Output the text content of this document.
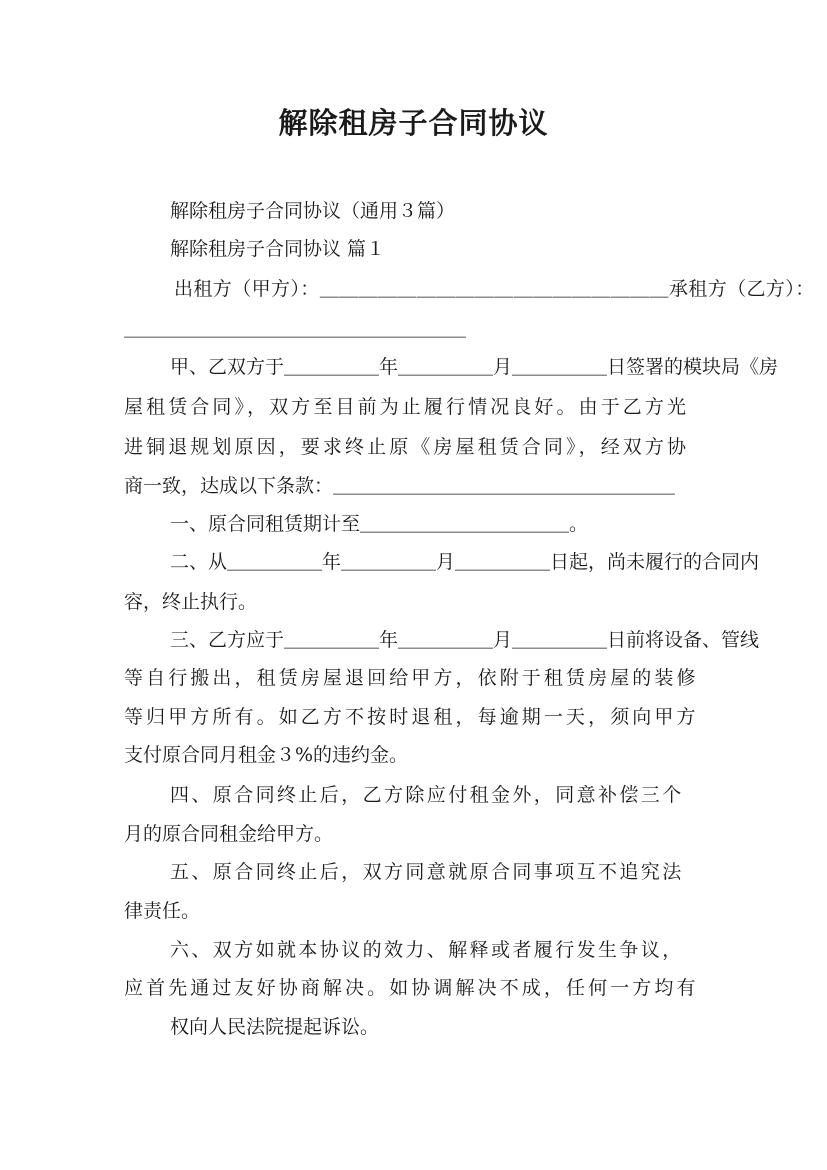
解除租房子合同协议
解除租房子合同协议（通用３篇）
解除租房子合同协议 篇１
出租方（甲方）：＿＿＿＿＿＿＿＿＿＿＿＿＿＿＿＿＿＿承租方（乙方）：
＿＿＿＿＿＿＿＿＿＿＿＿＿＿＿＿＿＿
甲、乙双方于＿＿＿＿＿年＿＿＿＿＿月＿＿＿＿＿日签署的模块局《房
屋租赁合同》，双方至目前为止履行情况良好。由于乙方光
进铜退规划原因，要求终止原《房屋租赁合同》，经双方协
商一致，达成以下条款：＿＿＿＿＿＿＿＿＿＿＿＿＿＿＿＿＿＿
一、原合同租赁期计至＿＿＿＿＿＿＿＿＿＿＿。
二、从＿＿＿＿＿年＿＿＿＿＿月＿＿＿＿＿日起，尚未履行的合同内
容，终止执行。
三、乙方应于＿＿＿＿＿年＿＿＿＿＿月＿＿＿＿＿日前将设备、管线
等自行搬出，租赁房屋退回给甲方，依附于租赁房屋的装修
等归甲方所有。如乙方不按时退租，每逾期一天，须向甲方
支付原合同月租金３%的违约金。
四、原合同终止后，乙方除应付租金外，同意补偿三个
月的原合同租金给甲方。
五、原合同终止后，双方同意就原合同事项互不追究法
律责任。
六、双方如就本协议的效力、解释或者履行发生争议，
应首先通过友好协商解决。如协调解决不成，任何一方均有
权向人民法院提起诉讼。
